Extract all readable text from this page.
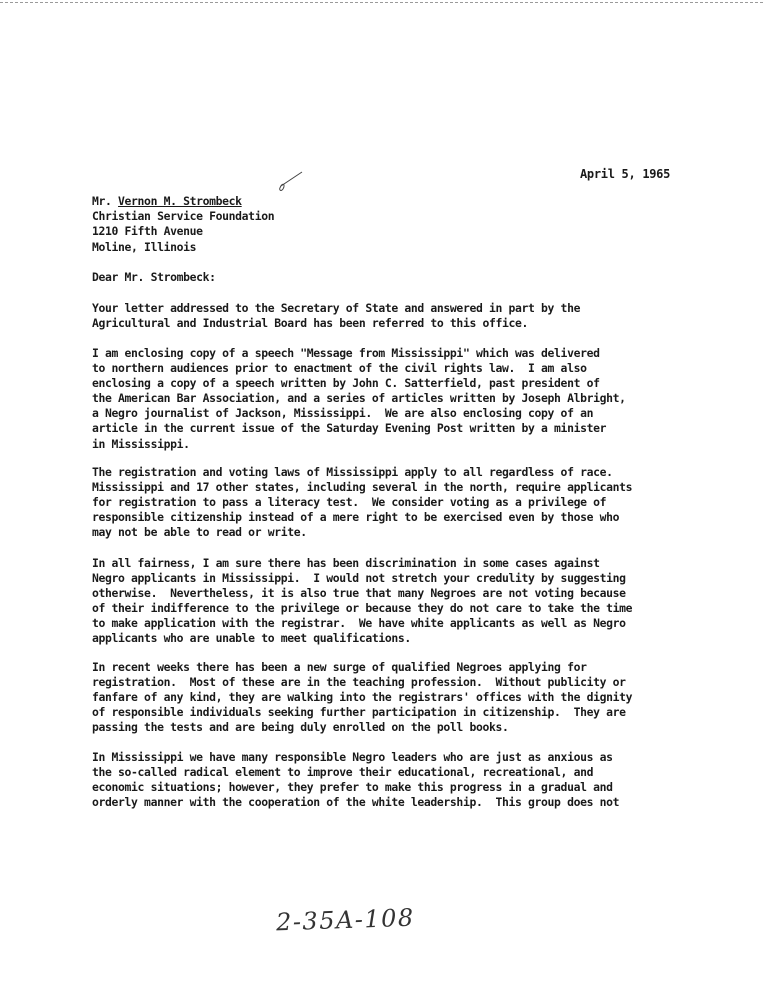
April 5, 1965
Mr. Vernon M. Strombeck
Christian Service Foundation
1210 Fifth Avenue
Moline, Illinois
Dear Mr. Strombeck:
Your letter addressed to the Secretary of State and answered in part by the
Agricultural and Industrial Board has been referred to this office.
I am enclosing copy of a speech "Message from Mississippi" which was delivered
to northern audiences prior to enactment of the civil rights law.  I am also
enclosing a copy of a speech written by John C. Satterfield, past president of
the American Bar Association, and a series of articles written by Joseph Albright,
a Negro journalist of Jackson, Mississippi.  We are also enclosing copy of an
article in the current issue of the Saturday Evening Post written by a minister
in Mississippi.
The registration and voting laws of Mississippi apply to all regardless of race.
Mississippi and 17 other states, including several in the north, require applicants
for registration to pass a literacy test.  We consider voting as a privilege of
responsible citizenship instead of a mere right to be exercised even by those who
may not be able to read or write.
In all fairness, I am sure there has been discrimination in some cases against
Negro applicants in Mississippi.  I would not stretch your credulity by suggesting
otherwise.  Nevertheless, it is also true that many Negroes are not voting because
of their indifference to the privilege or because they do not care to take the time
to make application with the registrar.  We have white applicants as well as Negro
applicants who are unable to meet qualifications.
In recent weeks there has been a new surge of qualified Negroes applying for
registration.  Most of these are in the teaching profession.  Without publicity or
fanfare of any kind, they are walking into the registrars' offices with the dignity
of responsible individuals seeking further participation in citizenship.  They are
passing the tests and are being duly enrolled on the poll books.
In Mississippi we have many responsible Negro leaders who are just as anxious as
the so-called radical element to improve their educational, recreational, and
economic situations; however, they prefer to make this progress in a gradual and
orderly manner with the cooperation of the white leadership.  This group does not
2-35A-108
